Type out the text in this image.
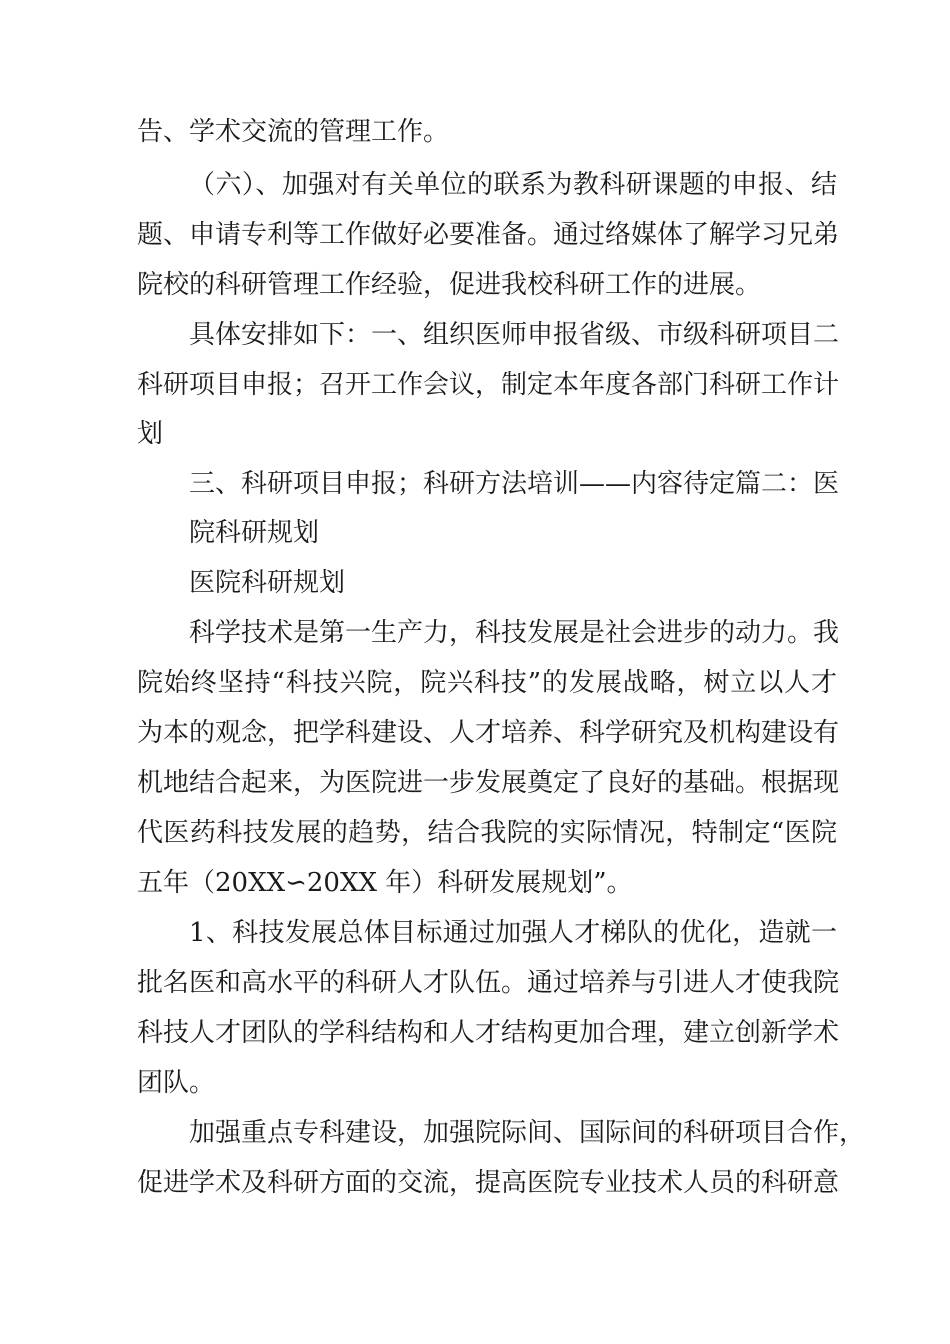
告、学术交流的管理工作。

（六）、加强对有关单位的联系为教科研课题的申报、结

题、申请专利等工作做好必要准备。通过络媒体了解学习兄弟

院校的科研管理工作经验，促进我校科研工作的进展。

具体安排如下：一、组织医师申报省级、市级科研项目二

科研项目申报；召开工作会议，制定本年度各部门科研工作计

划

三、科研项目申报；科研方法培训——内容待定篇二：医

院科研规划

医院科研规划

科学技术是第一生产力，科技发展是社会进步的动力。我

院始终坚持“科技兴院，院兴科技”的发展战略，树立以人才

为本的观念，把学科建设、人才培养、科学研究及机构建设有

机地结合起来，为医院进一步发展奠定了良好的基础。根据现

代医药科技发展的趋势，结合我院的实际情况，特制定“医院

五年（20XX∽20XX 年）科研发展规划”。

1、科技发展总体目标通过加强人才梯队的优化，造就一

批名医和高水平的科研人才队伍。通过培养与引进人才使我院

科技人才团队的学科结构和人才结构更加合理，建立创新学术

团队。

加强重点专科建设，加强院际间、国际间的科研项目合作，

促进学术及科研方面的交流，提高医院专业技术人员的科研意
